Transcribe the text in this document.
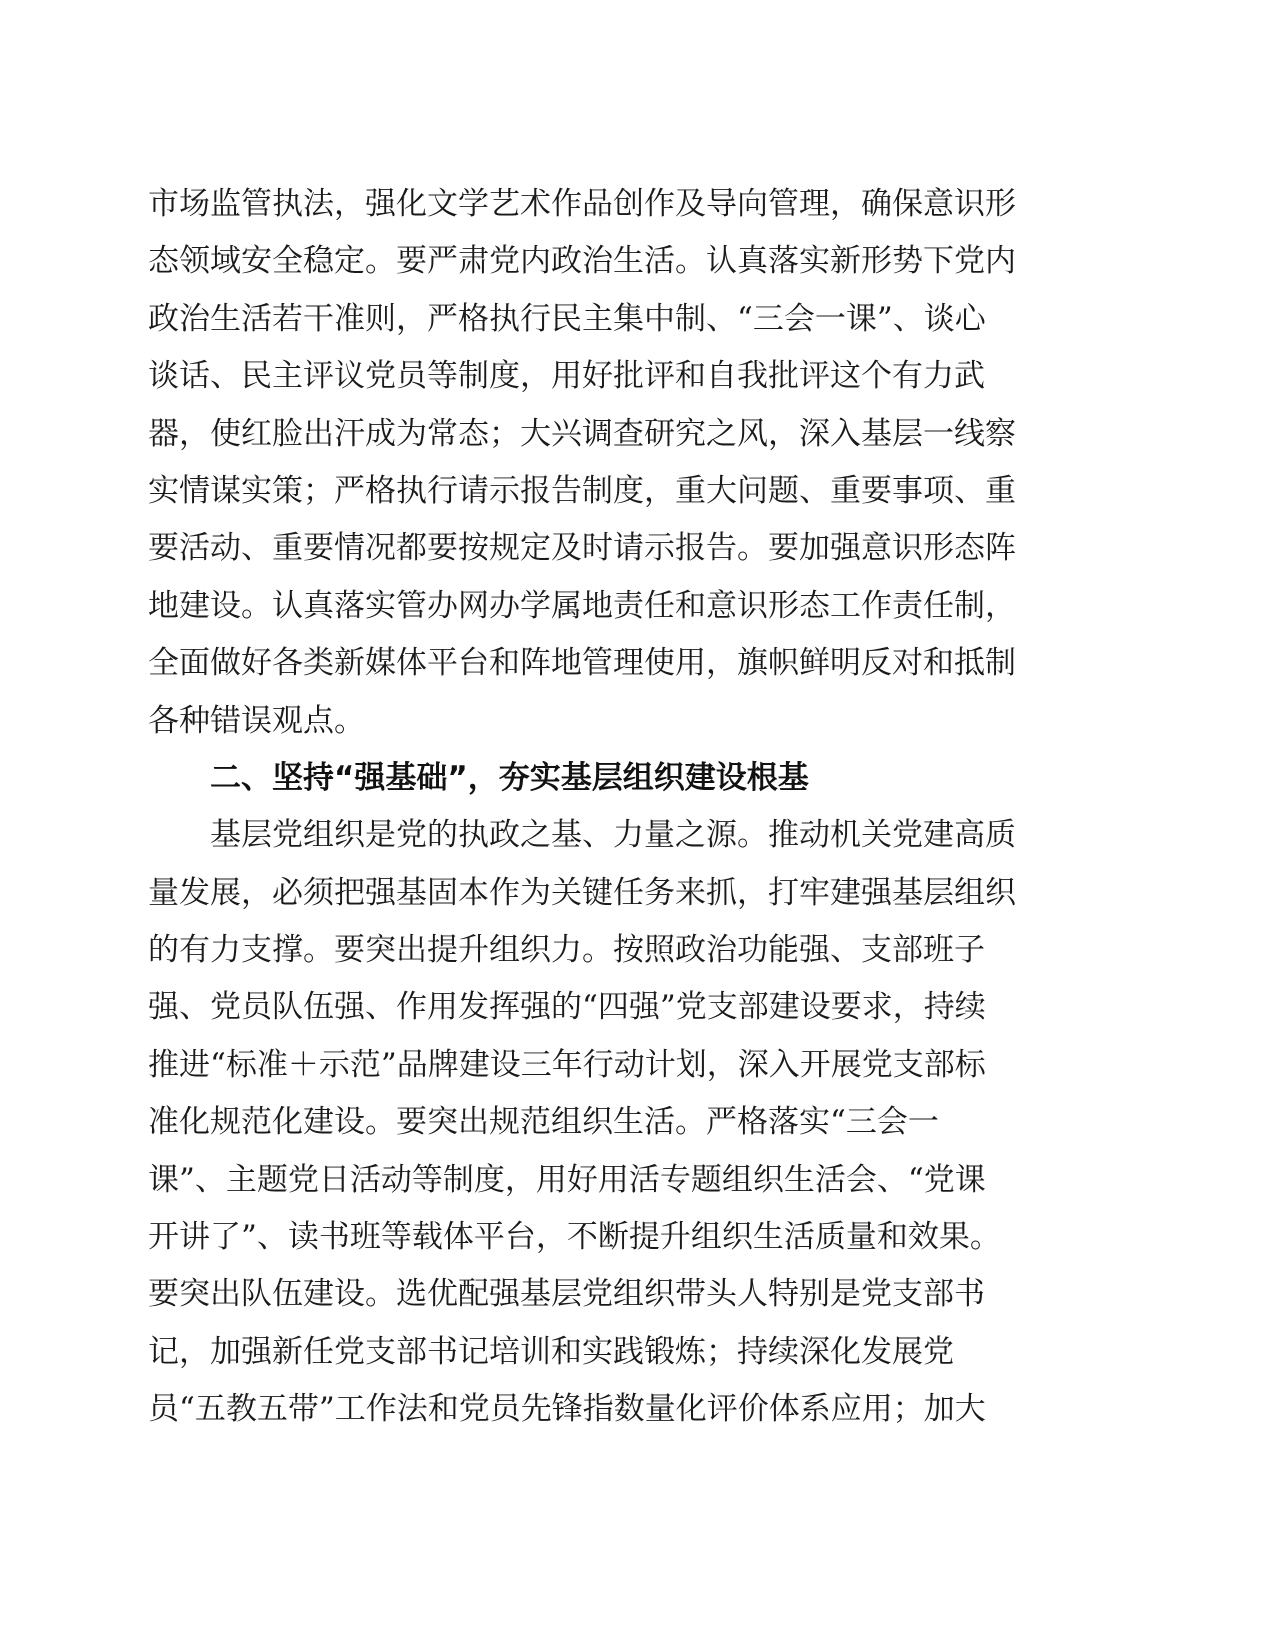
市场监管执法，强化文学艺术作品创作及导向管理，确保意识形
态领域安全稳定。要严肃党内政治生活。认真落实新形势下党内
政治生活若干准则，严格执行民主集中制、“三会一课”、谈心
谈话、民主评议党员等制度，用好批评和自我批评这个有力武
器，使红脸出汗成为常态；大兴调查研究之风，深入基层一线察
实情谋实策；严格执行请示报告制度，重大问题、重要事项、重
要活动、重要情况都要按规定及时请示报告。要加强意识形态阵
地建设。认真落实管办网办学属地责任和意识形态工作责任制，
全面做好各类新媒体平台和阵地管理使用，旗帜鲜明反对和抵制
各种错误观点。
二、坚持“强基础”，夯实基层组织建设根基
基层党组织是党的执政之基、力量之源。推动机关党建高质
量发展，必须把强基固本作为关键任务来抓，打牢建强基层组织
的有力支撑。要突出提升组织力。按照政治功能强、支部班子
强、党员队伍强、作用发挥强的“四强”党支部建设要求，持续
推进“标准＋示范”品牌建设三年行动计划，深入开展党支部标
准化规范化建设。要突出规范组织生活。严格落实“三会一
课”、主题党日活动等制度，用好用活专题组织生活会、“党课
开讲了”、读书班等载体平台，不断提升组织生活质量和效果。
要突出队伍建设。选优配强基层党组织带头人特别是党支部书
记，加强新任党支部书记培训和实践锻炼；持续深化发展党
员“五教五带”工作法和党员先锋指数量化评价体系应用；加大
